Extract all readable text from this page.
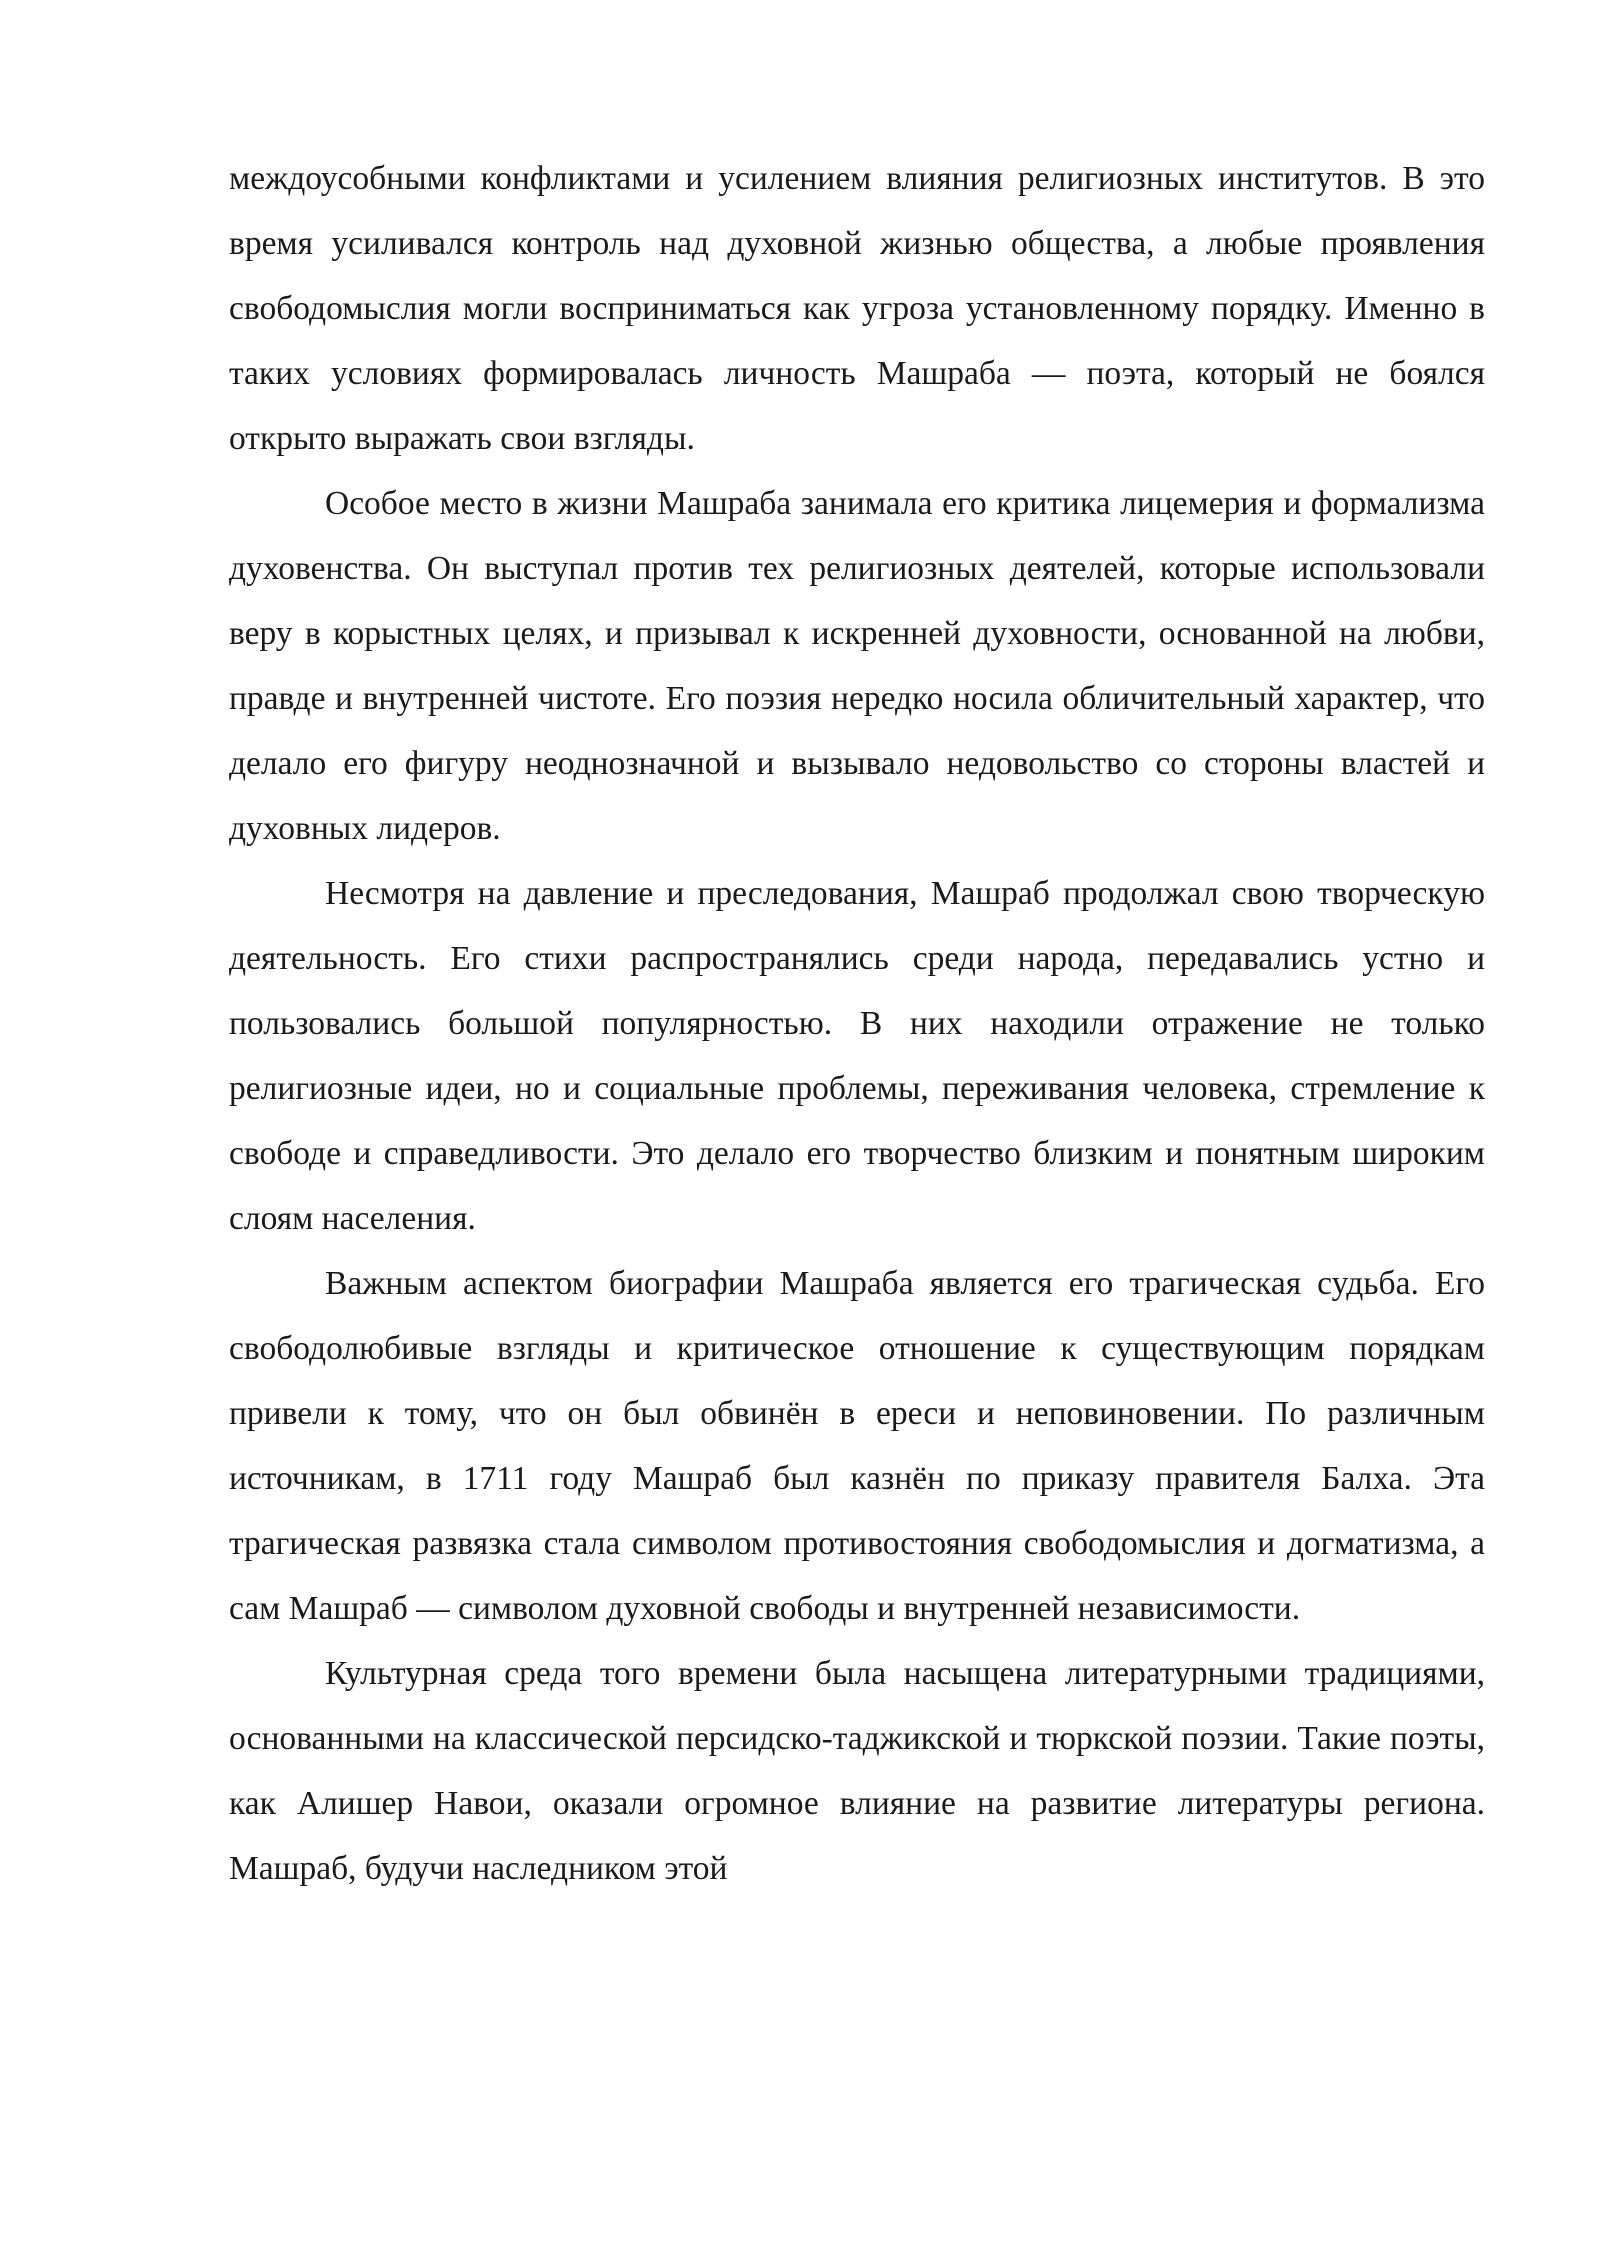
междоусобными конфликтами и усилением влияния религиозных институтов. В это время усиливался контроль над духовной жизнью общества, а любые проявления свободомыслия могли восприниматься как угроза установленному порядку. Именно в таких условиях формировалась личность Машраба — поэта, который не боялся открыто выражать свои взгляды.

Особое место в жизни Машраба занимала его критика лицемерия и формализма духовенства. Он выступал против тех религиозных деятелей, которые использовали веру в корыстных целях, и призывал к искренней духовности, основанной на любви, правде и внутренней чистоте. Его поэзия нередко носила обличительный характер, что делало его фигуру неоднозначной и вызывало недовольство со стороны властей и духовных лидеров.

Несмотря на давление и преследования, Машраб продолжал свою творческую деятельность. Его стихи распространялись среди народа, передавались устно и пользовались большой популярностью. В них находили отражение не только религиозные идеи, но и социальные проблемы, переживания человека, стремление к свободе и справедливости. Это делало его творчество близким и понятным широким слоям населения.

Важным аспектом биографии Машраба является его трагическая судьба. Его свободолюбивые взгляды и критическое отношение к существующим порядкам привели к тому, что он был обвинён в ереси и неповиновении. По различным источникам, в 1711 году Машраб был казнён по приказу правителя Балха. Эта трагическая развязка стала символом противостояния свободомыслия и догматизма, а сам Машраб — символом духовной свободы и внутренней независимости.

Культурная среда того времени была насыщена литературными традициями, основанными на классической персидско-таджикской и тюркской поэзии. Такие поэты, как Алишер Навои, оказали огромное влияние на развитие литературы региона. Машраб, будучи наследником этой
